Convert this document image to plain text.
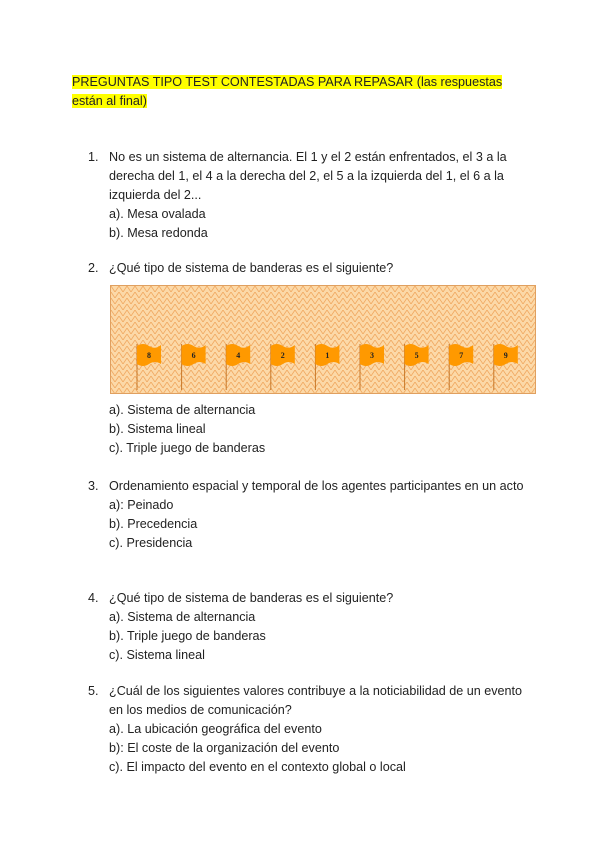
PREGUNTAS TIPO TEST CONTESTADAS PARA REPASAR (las respuestas están al final)
1. No es un sistema de alternancia. El 1 y el 2 están enfrentados, el 3 a la derecha del 1, el 4 a la derecha del 2, el 5 a la izquierda del 1, el 6 a la izquierda del 2...
a). Mesa ovalada
b). Mesa redonda
2. ¿Qué tipo de sistema de banderas es el siguiente?
8	6	4	2	1	3	5	7	9
a). Sistema de alternancia
b). Sistema lineal
c). Triple juego de banderas
3. Ordenamiento espacial y temporal de los agentes participantes en un acto
a): Peinado
b). Precedencia
c). Presidencia
4. ¿Qué tipo de sistema de banderas es el siguiente?
a). Sistema de alternancia
b). Triple juego de banderas
c). Sistema lineal
5. ¿Cuál de los siguientes valores contribuye a la noticiabilidad de un evento en los medios de comunicación?
a). La ubicación geográfica del evento
b): El coste de la organización del evento
c). El impacto del evento en el contexto global o local
